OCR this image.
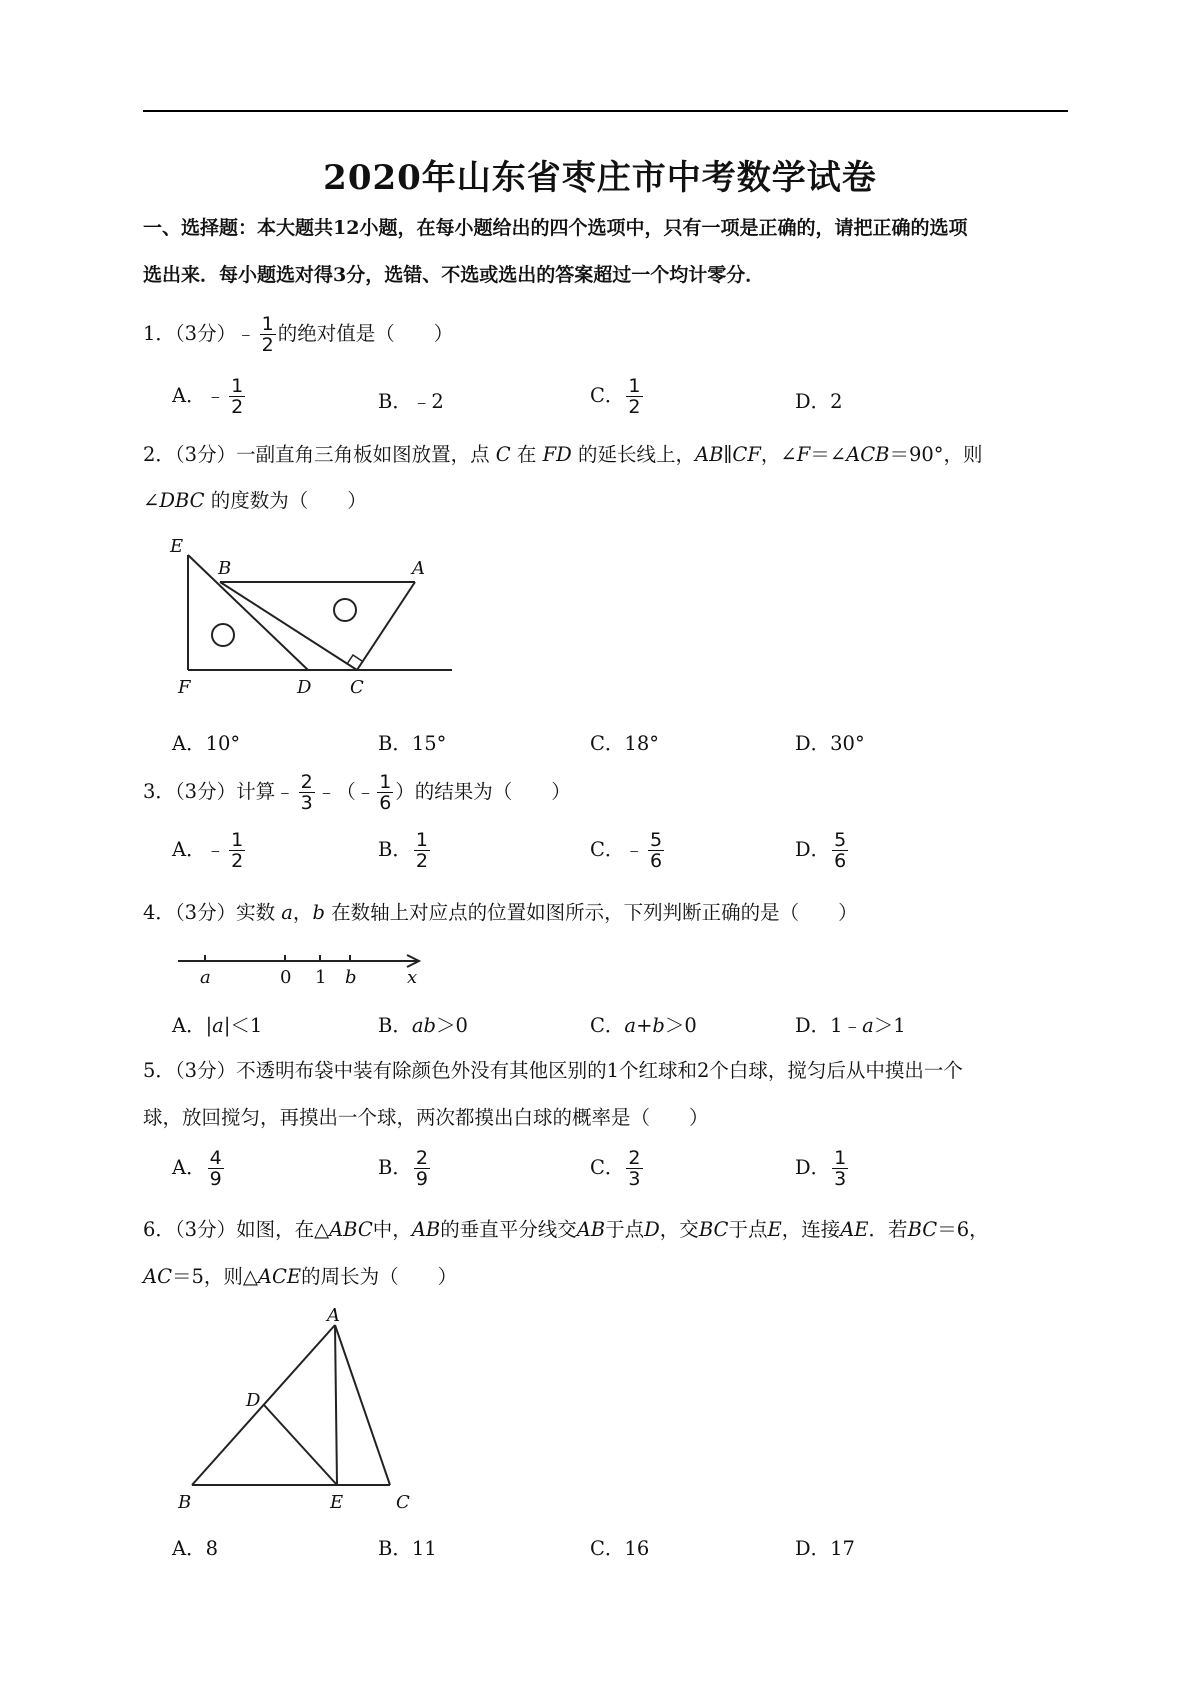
2020年山东省枣庄市中考数学试卷
一、选择题：本大题共12小题，在每小题给出的四个选项中，只有一项是正确的，请把正确的选项
选出来．每小题选对得3分，选错、不选或选出的答案超过一个均计零分．
1．（3分）﹣ $\frac{1}{2}$ 的绝对值是（　　）
A．﹣ $\frac{1}{2}$	B．﹣2	C． $\frac{1}{2}$	D．2
2．（3分）一副直角三角板如图放置，点 C 在 FD 的延长线上，AB∥CF，∠F＝∠ACB＝90°，则
∠DBC 的度数为（　　）
E
B	A
F	D C
A．10°	B．15°	C．18°	D．30°
3．（3分）计算﹣ $\frac{2}{3}$ ﹣（﹣ $\frac{1}{6}$ ）的结果为（　　）
A．﹣ $\frac{1}{2}$	B． $\frac{1}{2}$	C．﹣ $\frac{5}{6}$	D． $\frac{5}{6}$
4．（3分）实数 a，b 在数轴上对应点的位置如图所示，下列判断正确的是（　　）
a	0 1 b	x
A．|a|＜1	B．ab＞0	C．a+b＞0	D．1﹣a＞1
5．（3分）不透明布袋中装有除颜色外没有其他区别的1个红球和2个白球，搅匀后从中摸出一个
球，放回搅匀，再摸出一个球，两次都摸出白球的概率是（　　）
A． $\frac{4}{9}$	B． $\frac{2}{9}$	C． $\frac{2}{3}$	D． $\frac{1}{3}$
6．（3分）如图，在△ABC中，AB的垂直平分线交AB于点D，交BC于点E，连接AE．若BC＝6，
AC＝5，则△ACE的周长为（　　）
A
D
B	E	C
A．8	B．11	C．16	D．17
